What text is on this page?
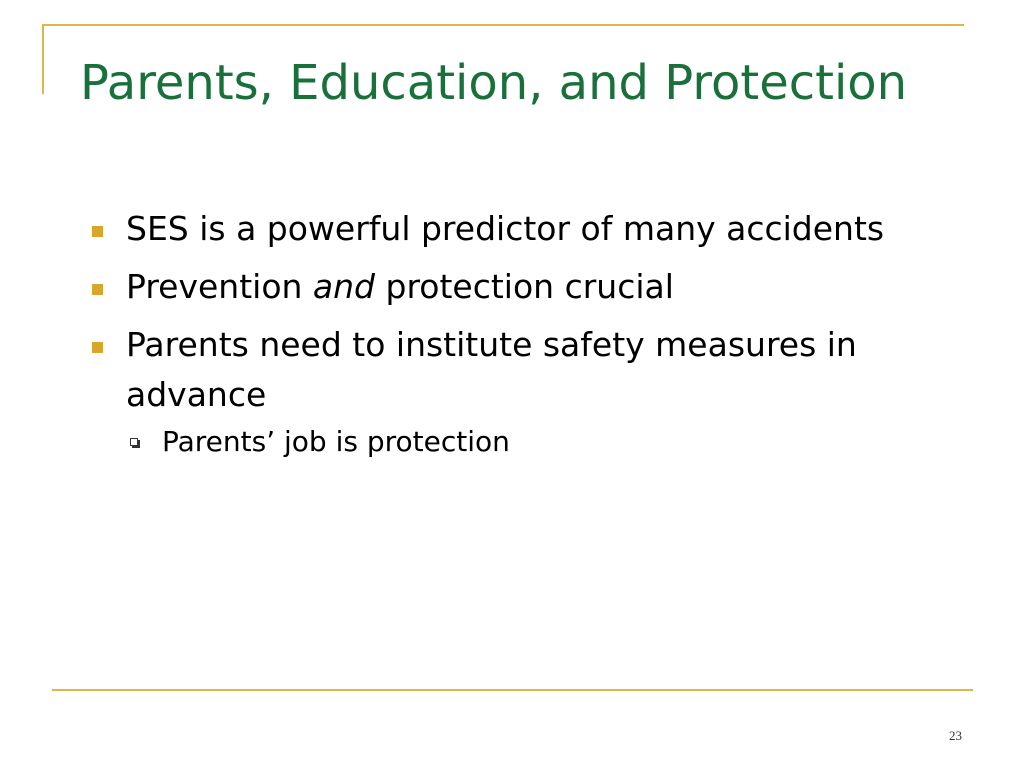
Parents, Education, and Protection
SES is a powerful predictor of many accidents
Prevention and protection crucial
Parents need to institute safety measures in advance
Parents’ job is protection
23
